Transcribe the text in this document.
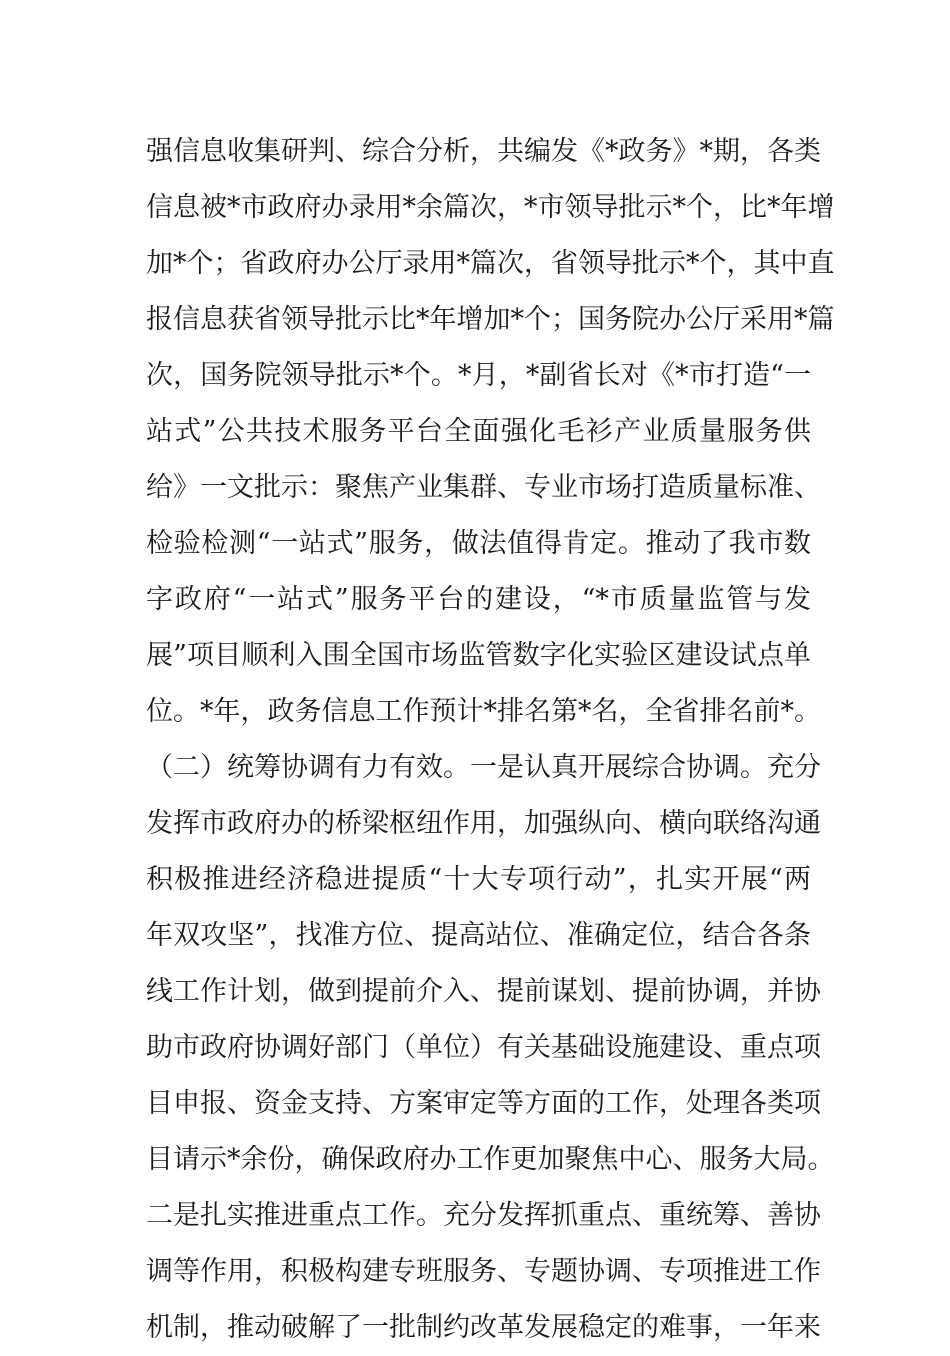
强信息收集研判、综合分析，共编发《*政务》*期，各类
信息被*市政府办录用*余篇次，*市领导批示*个，比*年增
加*个；省政府办公厅录用*篇次，省领导批示*个，其中直
报信息获省领导批示比*年增加*个；国务院办公厅采用*篇
次，国务院领导批示*个。*月，*副省长对《*市打造“一
站式”公共技术服务平台全面强化毛衫产业质量服务供
给》一文批示：聚焦产业集群、专业市场打造质量标准、
检验检测“一站式”服务，做法值得肯定。推动了我市数
字政府“一站式”服务平台的建设，“*市质量监管与发
展”项目顺利入围全国市场监管数字化实验区建设试点单
位。*年，政务信息工作预计*排名第*名，全省排名前*。
（二）统筹协调有力有效。一是认真开展综合协调。充分
发挥市政府办的桥梁枢纽作用，加强纵向、横向联络沟通
积极推进经济稳进提质“十大专项行动”，扎实开展“两
年双攻坚”，找准方位、提高站位、准确定位，结合各条
线工作计划，做到提前介入、提前谋划、提前协调，并协
助市政府协调好部门（单位）有关基础设施建设、重点项
目申报、资金支持、方案审定等方面的工作，处理各类项
目请示*余份，确保政府办工作更加聚焦中心、服务大局。
二是扎实推进重点工作。充分发挥抓重点、重统筹、善协
调等作用，积极构建专班服务、专题协调、专项推进工作
机制，推动破解了一批制约改革发展稳定的难事，一年来
